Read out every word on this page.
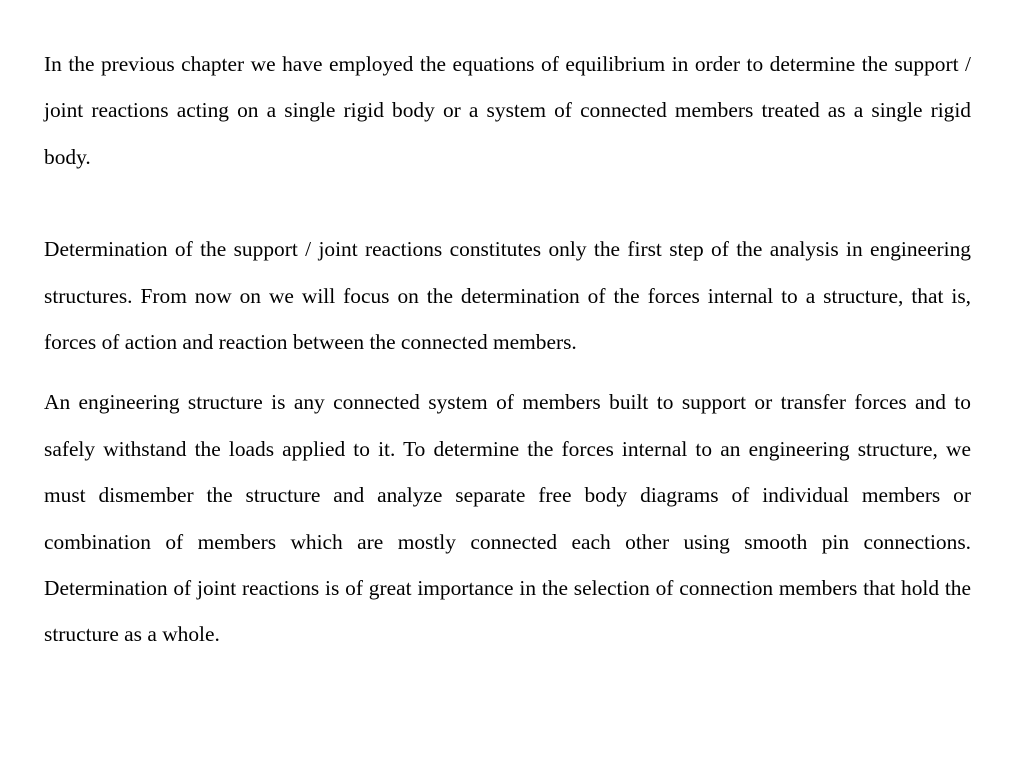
In the previous chapter we have employed the equations of equilibrium in order to determine the support / joint reactions acting on a single rigid body or a system of connected members treated as a single rigid body.

Determination of the support / joint reactions constitutes only the first step of the analysis in engineering structures. From now on we will focus on the determination of the forces internal to a structure, that is, forces of action and reaction between the connected members.

An engineering structure is any connected system of members built to support or transfer forces and to safely withstand the loads applied to it. To determine the forces internal to an engineering structure, we must dismember the structure and analyze separate free body diagrams of individual members or combination of members which are mostly connected each other using smooth pin connections. Determination of joint reactions is of great importance in the selection of connection members that hold the structure as a whole.
